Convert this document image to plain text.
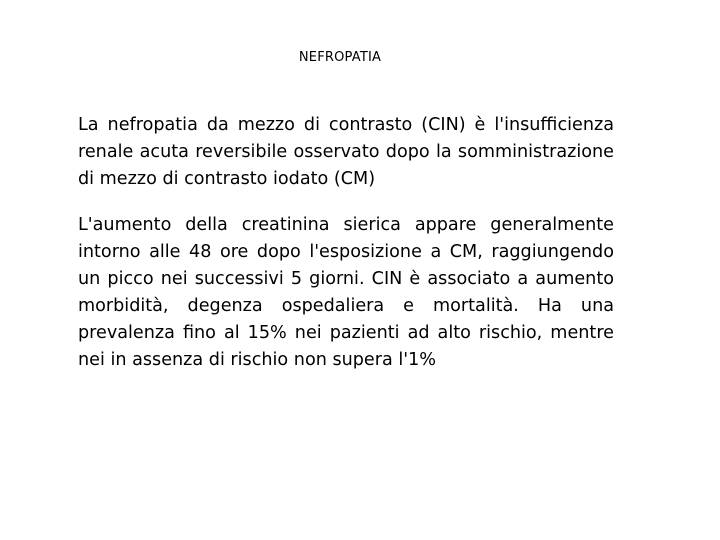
NEFROPATIA

La nefropatia da mezzo di contrasto (CIN) è l'insufficienza renale acuta reversibile osservato dopo la somministrazione di mezzo di contrasto iodato (CM)

L'aumento della creatinina sierica appare generalmente intorno alle 48 ore dopo l'esposizione a CM, raggiungendo un picco nei successivi 5 giorni. CIN è associato a aumento morbidità, degenza ospedaliera e mortalità. Ha una prevalenza fino al 15% nei pazienti ad alto rischio, mentre nei in assenza di rischio non supera l'1%
